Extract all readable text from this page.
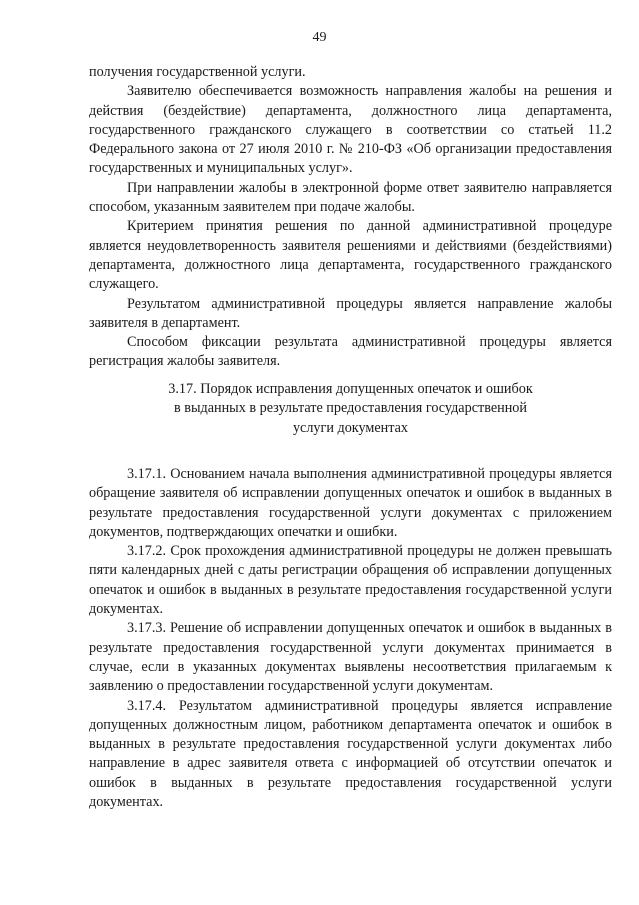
49

получения государственной услуги.

Заявителю обеспечивается возможность направления жалобы на решения и действия (бездействие) департамента, должностного лица департамента, государственного гражданского служащего в соответствии со статьей 11.2 Федерального закона от 27 июля 2010 г. № 210-ФЗ «Об организации предоставления государственных и муниципальных услуг».

При направлении жалобы в электронной форме ответ заявителю направляется способом, указанным заявителем при подаче жалобы.

Критерием принятия решения по данной административной процедуре является неудовлетворенность заявителя решениями и действиями (бездействиями) департамента, должностного лица департамента, государственного гражданского служащего.

Результатом административной процедуры является направление жалобы заявителя в департамент.

Способом фиксации результата административной процедуры является регистрация жалобы заявителя.

3.17. Порядок исправления допущенных опечаток и ошибок
в выданных в результате предоставления государственной
услуги документах

3.17.1. Основанием начала выполнения административной процедуры является обращение заявителя об исправлении допущенных опечаток и ошибок в выданных в результате предоставления государственной услуги документах с приложением документов, подтверждающих опечатки и ошибки.

3.17.2. Срок прохождения административной процедуры не должен превышать пяти календарных дней с даты регистрации обращения об исправлении допущенных опечаток и ошибок в выданных в результате предоставления государственной услуги документах.

3.17.3. Решение об исправлении допущенных опечаток и ошибок в выданных в результате предоставления государственной услуги документах принимается в случае, если в указанных документах выявлены несоответствия прилагаемым к заявлению о предоставлении государственной услуги документам.

3.17.4. Результатом административной процедуры является исправление допущенных должностным лицом, работником департамента опечаток и ошибок в выданных в результате предоставления государственной услуги документах либо направление в адрес заявителя ответа с информацией об отсутствии опечаток и ошибок в выданных в результате предоставления государственной услуги документах.
